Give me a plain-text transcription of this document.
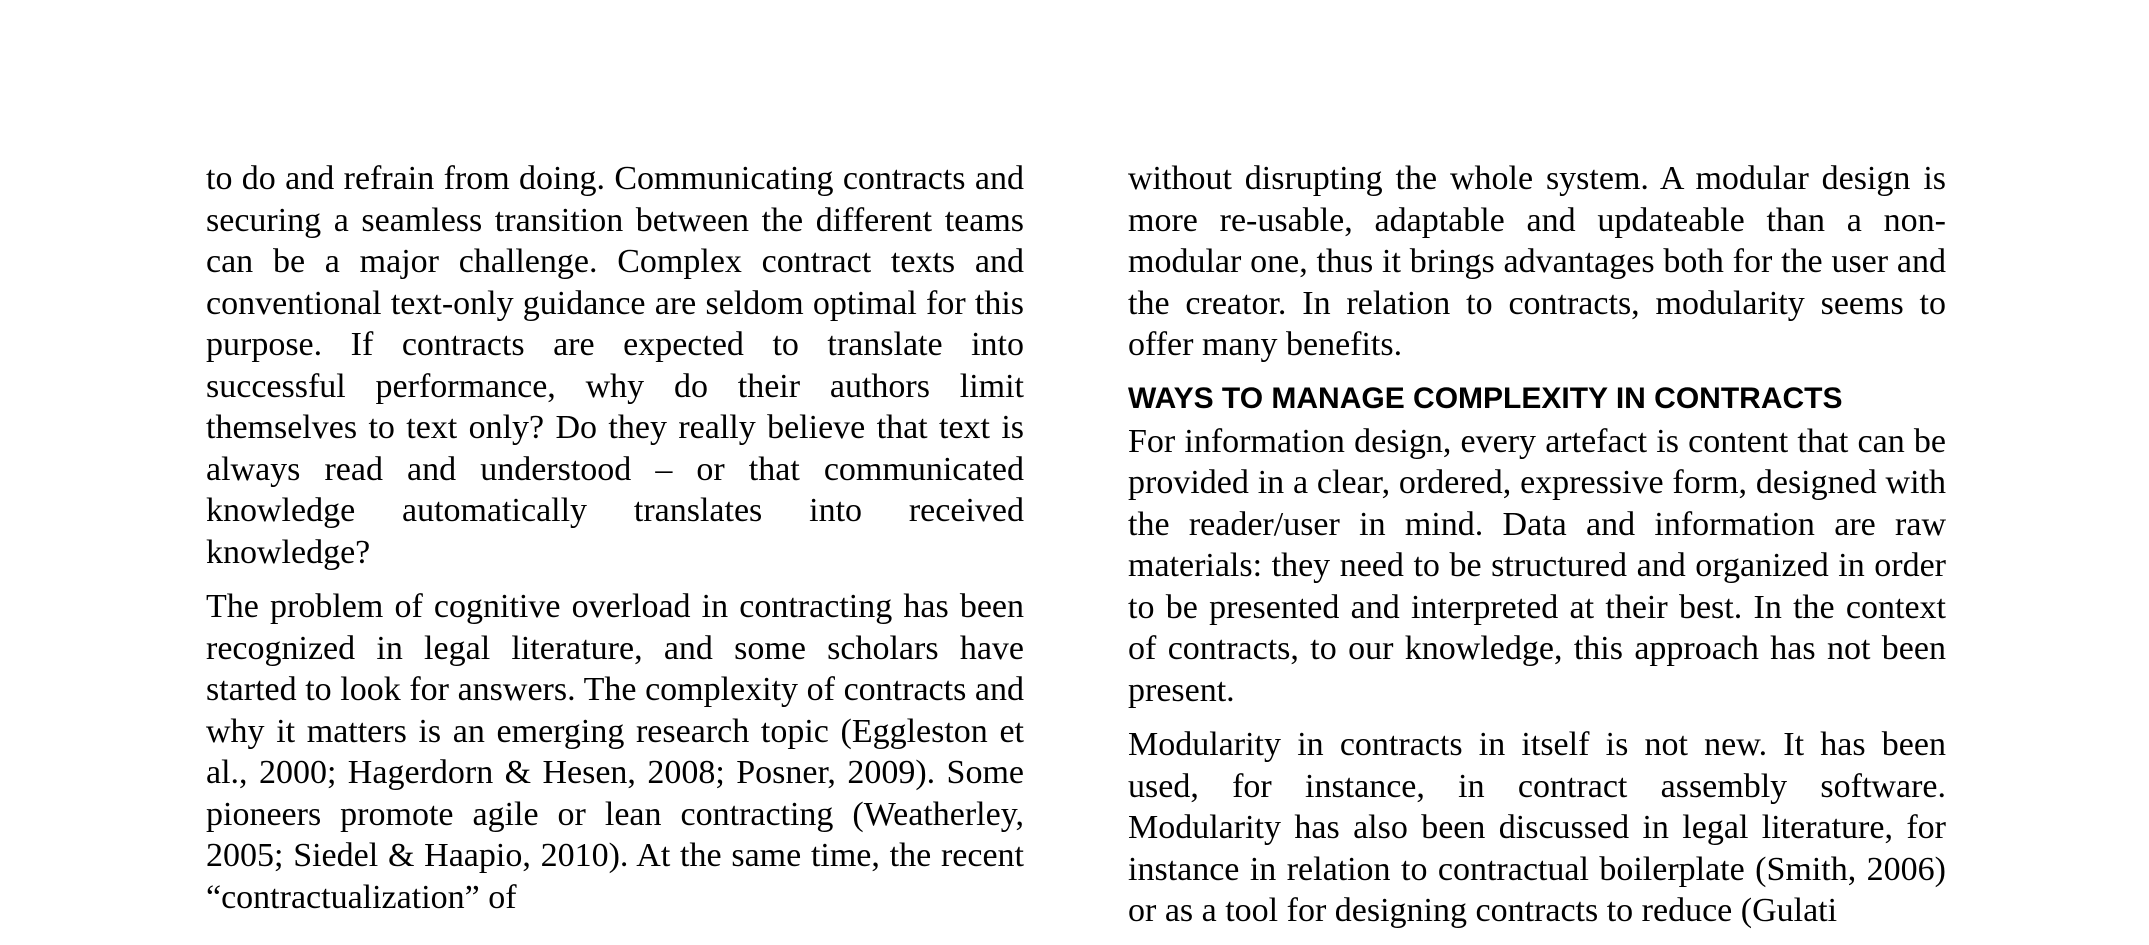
to do and refrain from doing. Communicating contracts and securing a seamless transition between the different teams can be a major challenge. Complex contract texts and conventional text-only guidance are seldom optimal for this purpose. If contracts are expected to translate into successful performance, why do their authors limit themselves to text only? Do they really believe that text is always read and understood – or that communicated knowledge automatically translates into received knowledge?

The problem of cognitive overload in contracting has been recognized in legal literature, and some scholars have started to look for answers. The complexity of contracts and why it matters is an emerging research topic (Eggleston et al., 2000; Hagerdorn & Hesen, 2008; Posner, 2009). Some pioneers promote agile or lean contracting (Weatherley, 2005; Siedel & Haapio, 2010). At the same time, the recent “contractualization” of

without disrupting the whole system. A modular design is more re-usable, adaptable and updateable than a non-modular one, thus it brings advantages both for the user and the creator. In relation to contracts, modularity seems to offer many benefits.

WAYS TO MANAGE COMPLEXITY IN CONTRACTS

For information design, every artefact is content that can be provided in a clear, ordered, expressive form, designed with the reader/user in mind. Data and information are raw materials: they need to be structured and organized in order to be presented and interpreted at their best. In the context of contracts, to our knowledge, this approach has not been present.

Modularity in contracts in itself is not new. It has been used, for instance, in contract assembly software. Modularity has also been discussed in legal literature, for instance in relation to contractual boilerplate (Smith, 2006) or as a tool for designing contracts to reduce (Gulati
